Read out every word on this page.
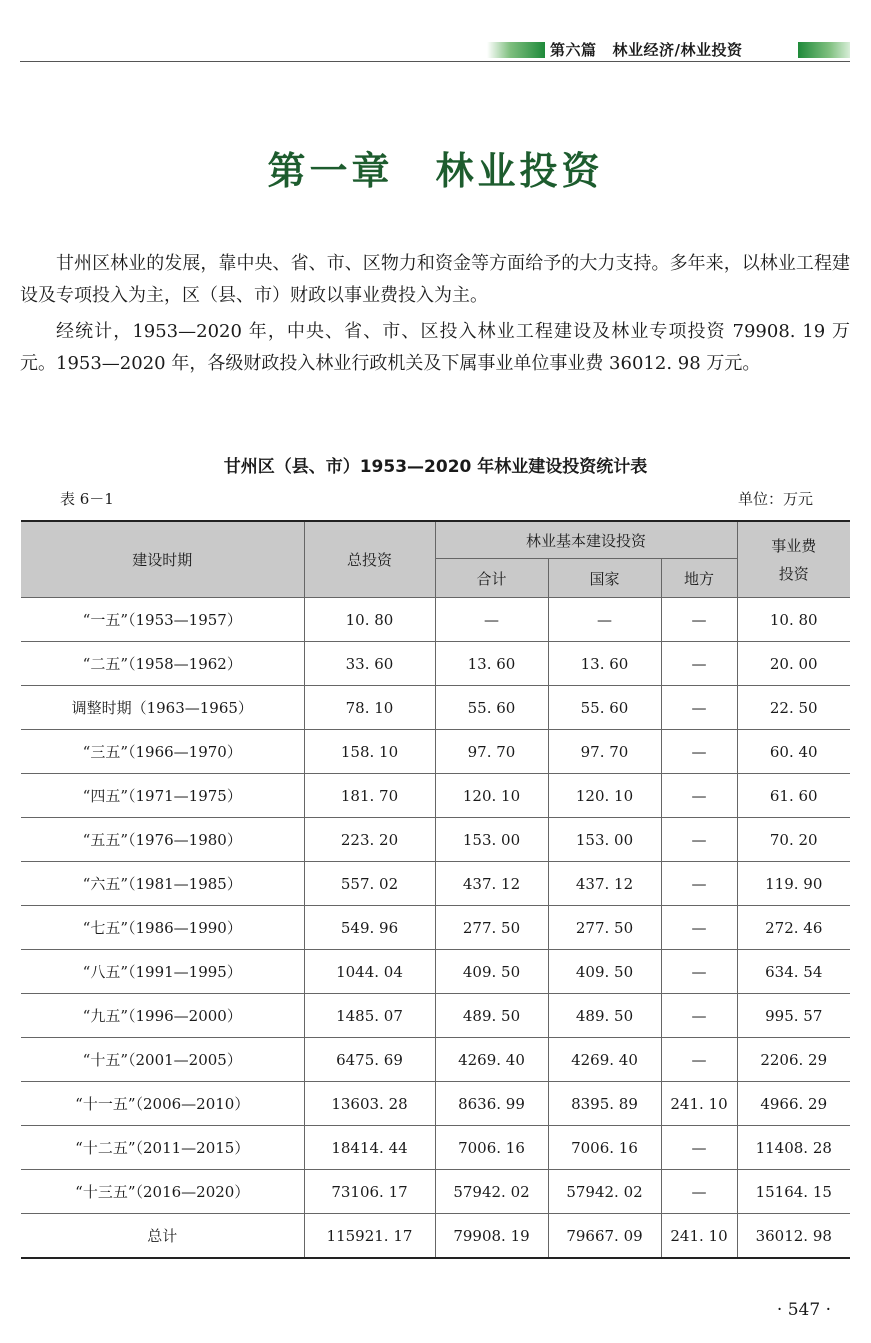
第六篇 林业经济/林业投资
第一章　林业投资

甘州区林业的发展，靠中央、省、市、区物力和资金等方面给予的大力支持。多年来，以林业工程建设及专项投入为主，区（县、市）财政以事业费投入为主。

经统计，1953—2020 年，中央、省、市、区投入林业工程建设及林业专项投资 79908. 19 万元。1953—2020 年，各级财政投入林业行政机关及下属事业单位事业费 36012. 98 万元。

甘州区（县、市）1953—2020 年林业建设投资统计表
表 6－1	单位：万元
建设时期	总投资	林业基本建设投资			事业费投资
		合计	国家	地方	
“一五”（1953—1957）	10. 80	—	—	—	10. 80
“二五”（1958—1962）	33. 60	13. 60	13. 60	—	20. 00
调整时期（1963—1965）	78. 10	55. 60	55. 60	—	22. 50
“三五”（1966—1970）	158. 10	97. 70	97. 70	—	60. 40
“四五”（1971—1975）	181. 70	120. 10	120. 10	—	61. 60
“五五”（1976—1980）	223. 20	153. 00	153. 00	—	70. 20
“六五”（1981—1985）	557. 02	437. 12	437. 12	—	119. 90
“七五”（1986—1990）	549. 96	277. 50	277. 50	—	272. 46
“八五”（1991—1995）	1044. 04	409. 50	409. 50	—	634. 54
“九五”（1996—2000）	1485. 07	489. 50	489. 50	—	995. 57
“十五”（2001—2005）	6475. 69	4269. 40	4269. 40	—	2206. 29
“十一五”（2006—2010）	13603. 28	8636. 99	8395. 89	241. 10	4966. 29
“十二五”（2011—2015）	18414. 44	7006. 16	7006. 16	—	11408. 28
“十三五”（2016—2020）	73106. 17	57942. 02	57942. 02	—	15164. 15
总计	115921. 17	79908. 19	79667. 09	241. 10	36012. 98
· 547 ·
